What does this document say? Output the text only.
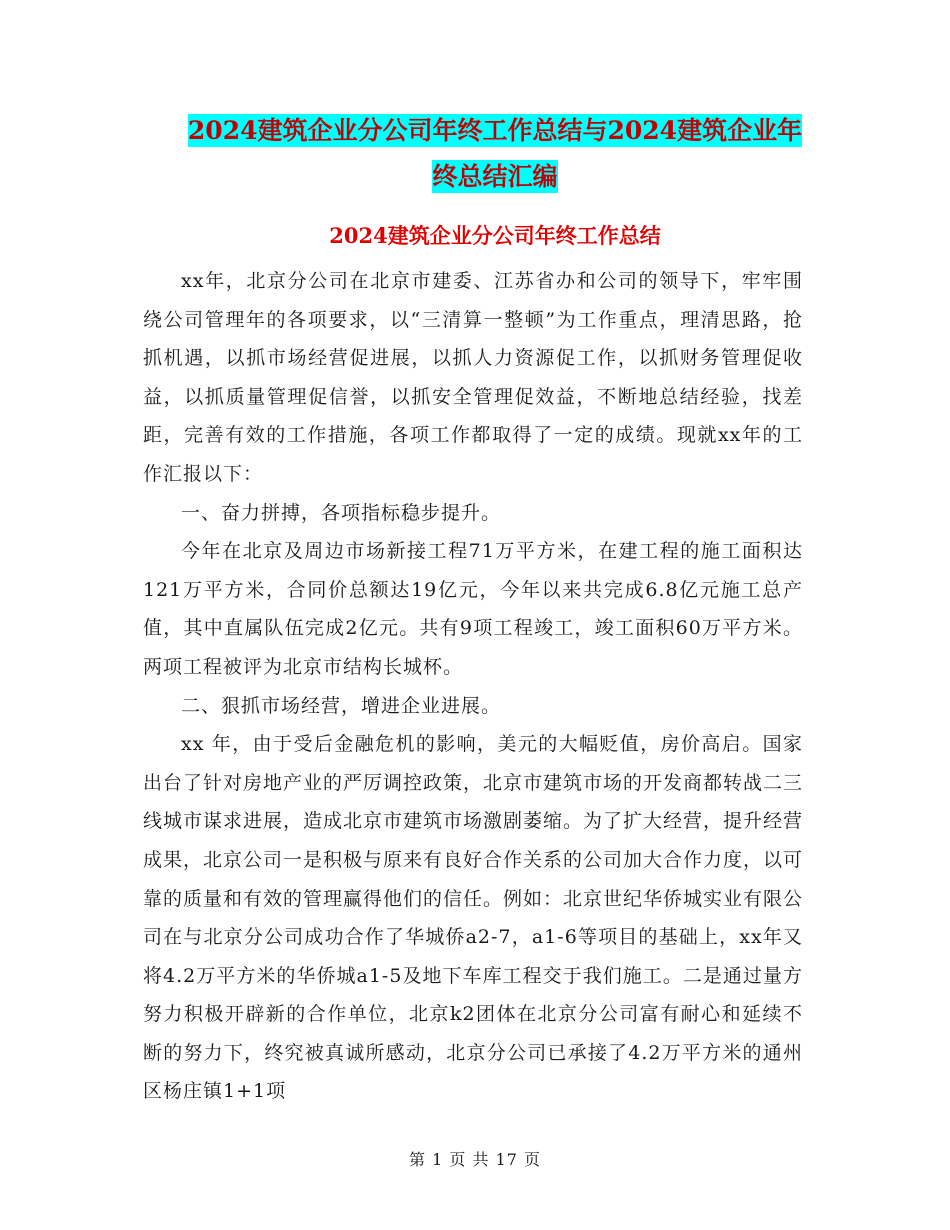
2024建筑企业分公司年终工作总结与2024建筑企业年
终总结汇编
2024建筑企业分公司年终工作总结

xx年，北京分公司在北京市建委、江苏省办和公司的领导下，牢牢围绕公司管理年的各项要求，以“三清算一整顿”为工作重点，理清思路，抢抓机遇，以抓市场经营促进展，以抓人力资源促工作，以抓财务管理促收益，以抓质量管理促信誉，以抓安全管理促效益，不断地总结经验，找差距，完善有效的工作措施，各项工作都取得了一定的成绩。现就xx年的工作汇报以下：

一、奋力拼搏，各项指标稳步提升。

今年在北京及周边市场新接工程71万平方米，在建工程的施工面积达121万平方米，合同价总额达19亿元，今年以来共完成6.8亿元施工总产值，其中直属队伍完成2亿元。共有9项工程竣工，竣工面积60万平方米。两项工程被评为北京市结构长城杯。

二、狠抓市场经营，增进企业进展。

xx 年，由于受后金融危机的影响，美元的大幅贬值，房价高启。国家出台了针对房地产业的严厉调控政策，北京市建筑市场的开发商都转战二三线城市谋求进展，造成北京市建筑市场激剧萎缩。为了扩大经营，提升经营成果，北京公司一是积极与原来有良好合作关系的公司加大合作力度，以可靠的质量和有效的管理赢得他们的信任。例如：北京世纪华侨城实业有限公司在与北京分公司成功合作了华城侨a2-7，a1-6等项目的基础上，xx年又将4.2万平方米的华侨城a1-5及地下车库工程交于我们施工。二是通过量方努力积极开辟新的合作单位，北京k2团体在北京分公司富有耐心和延续不断的努力下，终究被真诚所感动，北京分公司已承接了4.2万平方米的通州区杨庄镇1+1项

第 1 页 共 17 页
